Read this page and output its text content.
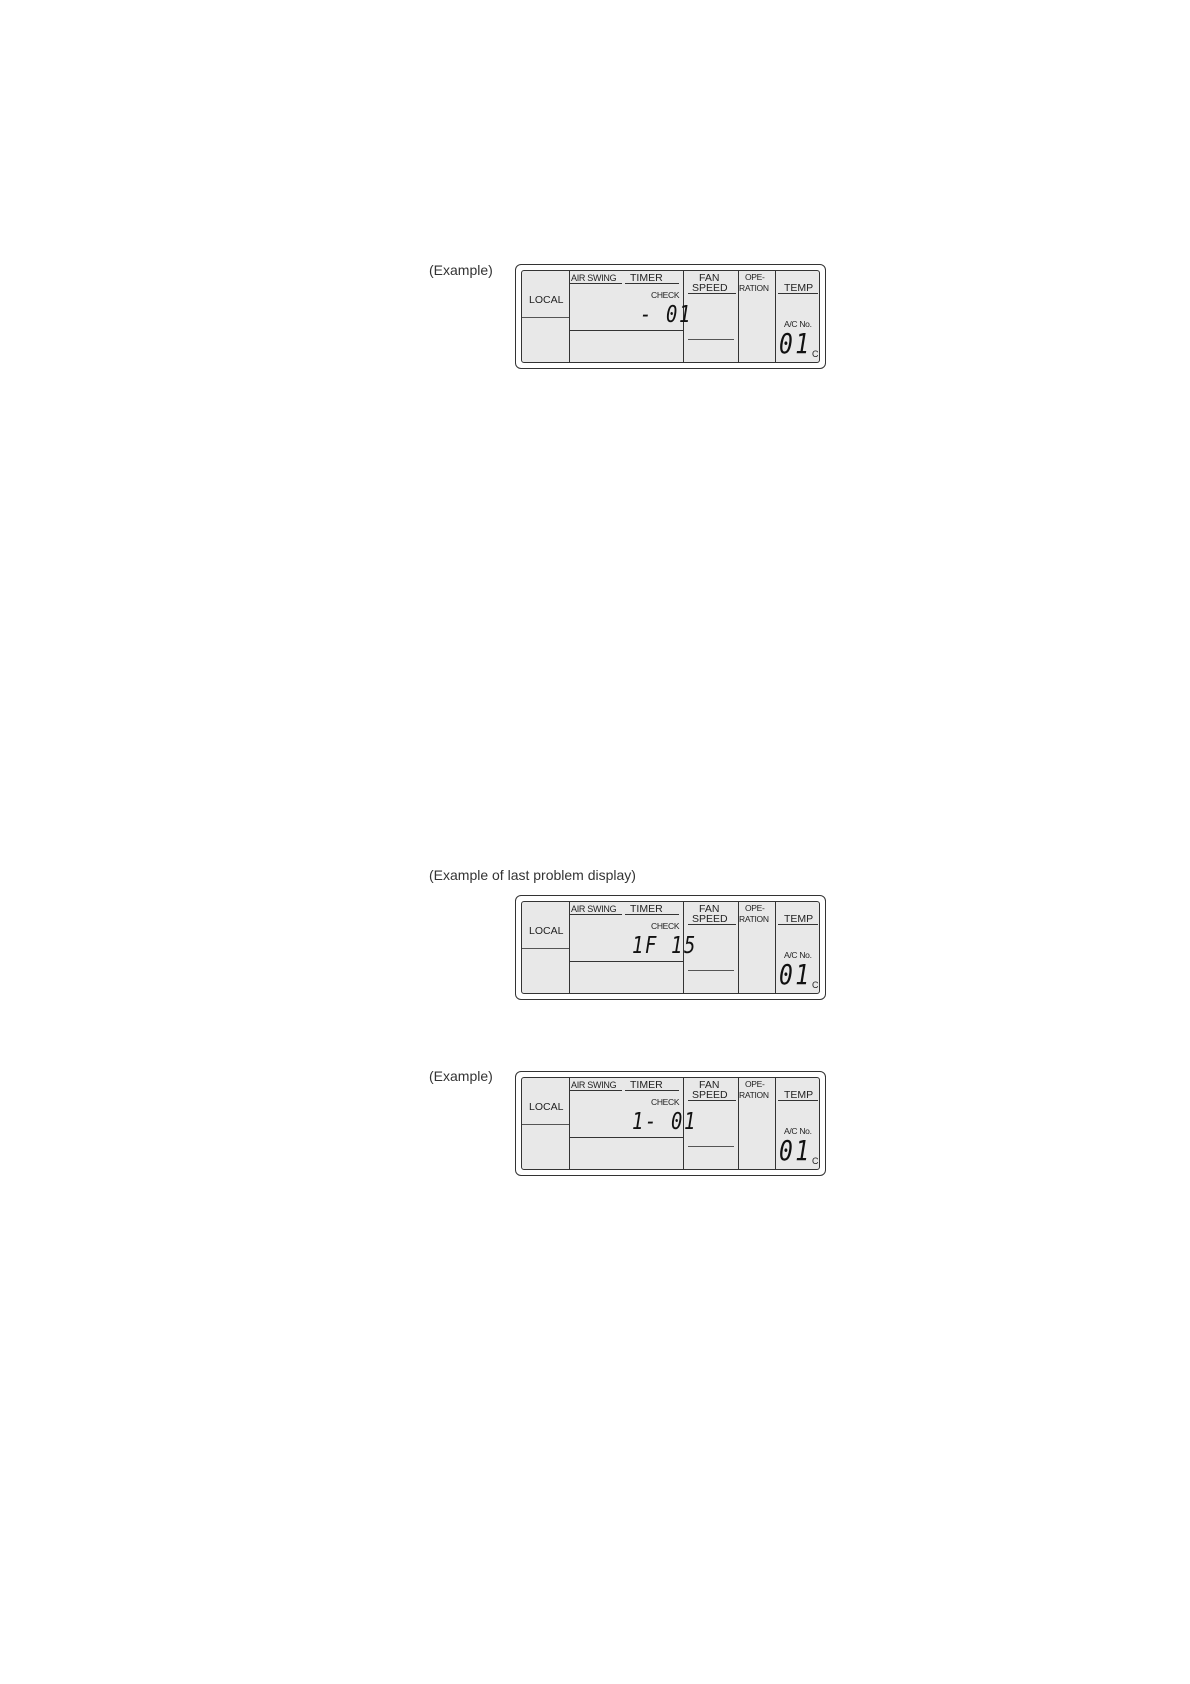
(Example)
LOCAL
AIR SWING TIMER
CHECK
- 01
FAN
SPEED
OPE-
RATION TEMP
A/C No.
01 C
(Example of last problem display)
LOCAL
AIR SWING TIMER
CHECK
1F 15
FAN
SPEED
OPE-
RATION TEMP
A/C No.
01 C
(Example)
LOCAL
AIR SWING TIMER
CHECK
1- 01
FAN
SPEED
OPE-
RATION TEMP
A/C No.
01 C
